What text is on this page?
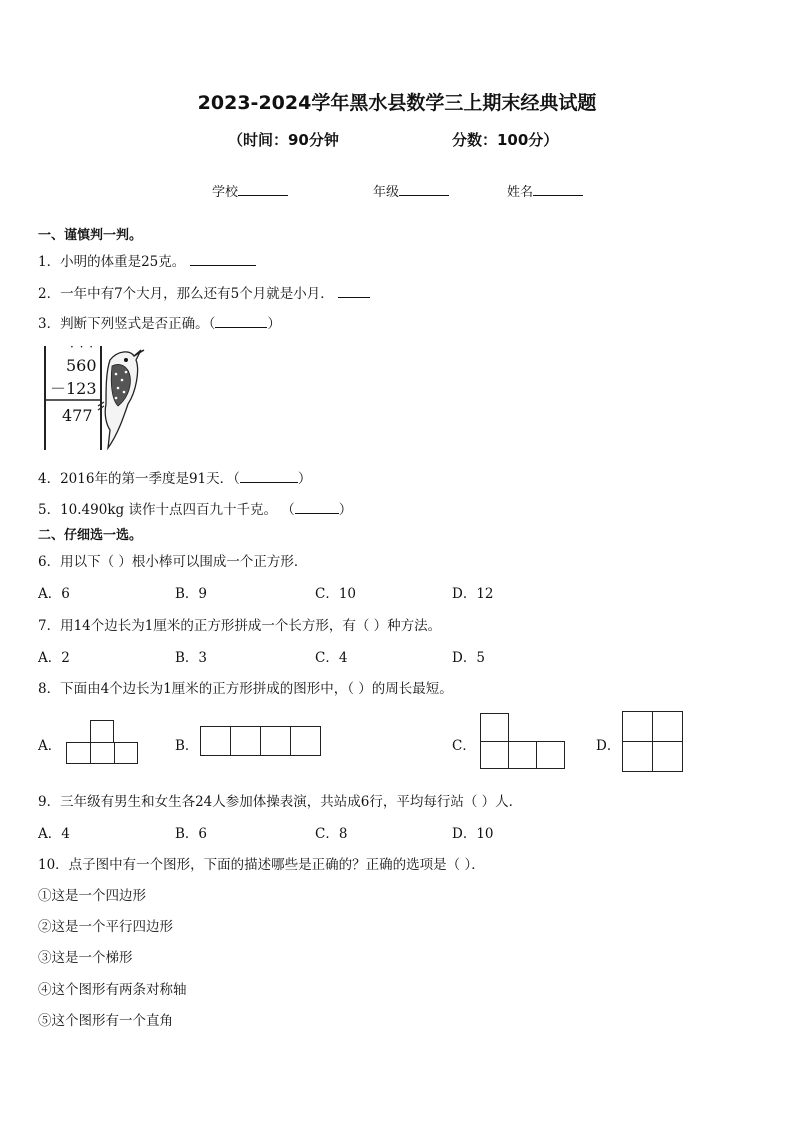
2023-2024学年黑水县数学三上期末经典试题
（时间：90分钟	分数：100分）
学校	年级	姓名
一、谨慎判一判。
1．小明的体重是25克。
2．一年中有7个大月，那么还有5个月就是小月．
3．判断下列竖式是否正确。（	）
· · ·
560
－123
477
4．2016年的第一季度是91天．（	）
5．10.490kg 读作十点四百九十千克。 （	）
二、仔细选一选。
6．用以下（ ）根小棒可以围成一个正方形．
A．6	B．9	C．10	D．12
7．用14个边长为1厘米的正方形拼成一个长方形，有（ ）种方法。
A．2	B．3	C．4	D．5
8．下面由4个边长为1厘米的正方形拼成的图形中，（ ）的周长最短。
A．	B．	C．	D．
9．三年级有男生和女生各24人参加体操表演，共站成6行，平均每行站（ ）人．
A．4	B．6	C．8	D．10
10．点子图中有一个图形，下面的描述哪些是正确的？正确的选项是（ ）．
①这是一个四边形
②这是一个平行四边形
③这是一个梯形
④这个图形有两条对称轴
⑤这个图形有一个直角
